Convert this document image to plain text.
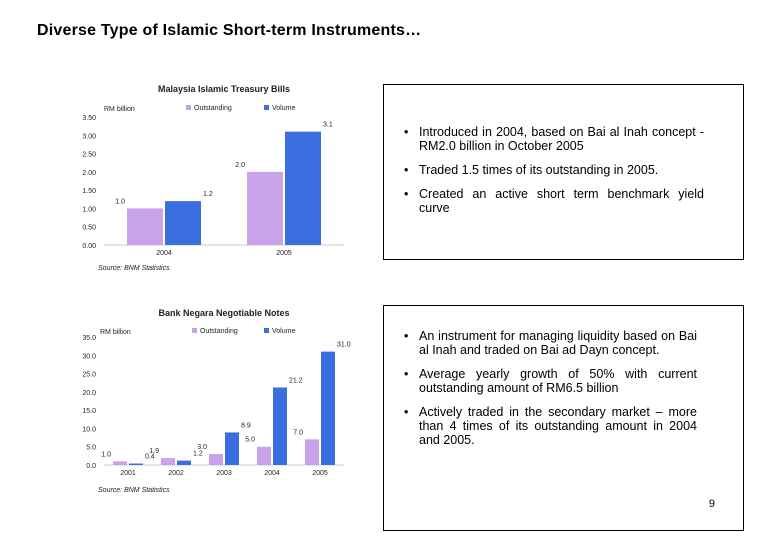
Diverse Type of Islamic Short-term Instruments…
Malaysia Islamic Treasury Bills
RM billion	Outstanding	Volume
0.00
0.50
1.00
1.50
2.00
2.50
3.00
3.50
1.0
1.2
2004
2.0
3.1
2005
Source: BNM Statistics
• Introduced in 2004, based on Bai al Inah concept - RM2.0 billion in October 2005
• Traded 1.5 times of its outstanding in 2005.
• Created an active short term benchmark yield curve
Bank Negara Negotiable Notes
RM billion	Outstanding	Volume
0.0
5.0
10.0
15.0
20.0
25.0
30.0
35.0
1.0	0.4
2001
1.9	1.2
2002
3.0
8.9
2003
5.0
21.2
2004
7.0
31.0
2005
Source: BNM Statistics
• An instrument for managing liquidity based on Bai al Inah and traded on Bai ad Dayn concept.
• Average yearly growth of 50% with current outstanding amount of RM6.5 billion
• Actively traded in the secondary market – more than 4 times of its outstanding amount in 2004 and 2005.
9
